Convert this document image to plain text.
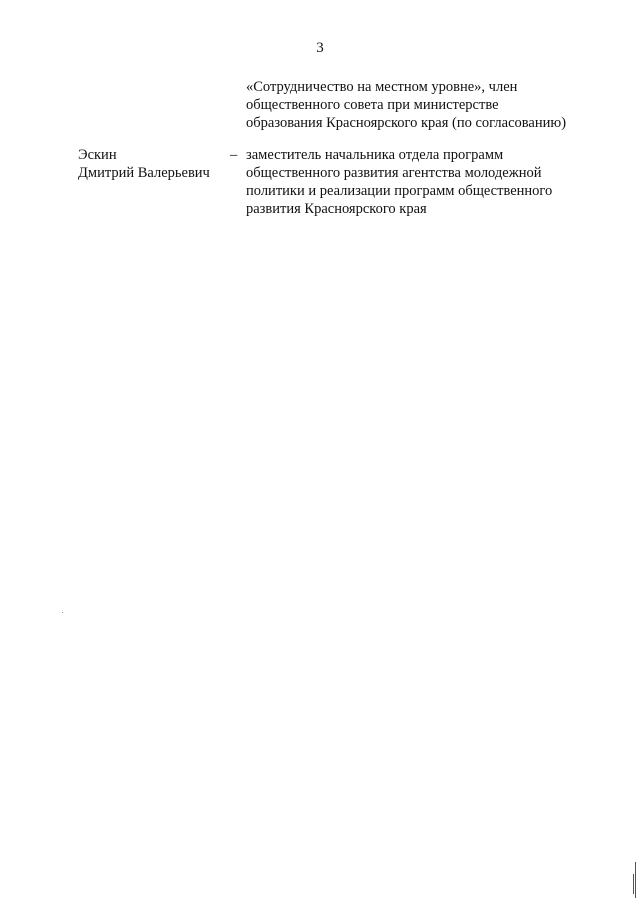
3
«Сотрудничество на местном уровне», член
общественного совета при министерстве
образования Красноярского края (по согласованию)
Эскин
Дмитрий Валерьевич
– заместитель начальника отдела программ
общественного развития агентства молодежной
политики и реализации программ общественного
развития Красноярского края
